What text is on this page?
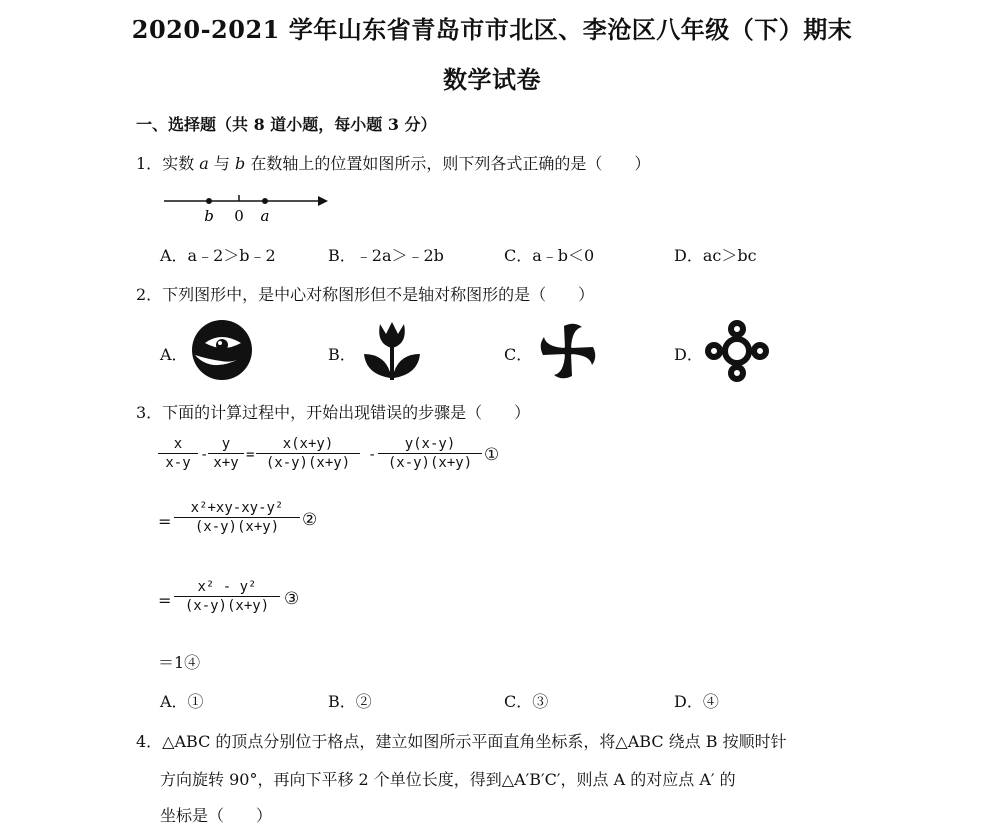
2020-2021 学年山东省青岛市市北区、李沧区八年级（下）期末
数学试卷
一、选择题（共 8 道小题，每小题 3 分）
1．实数 a 与 b 在数轴上的位置如图所示，则下列各式正确的是（　　）
b 0 a
A．a﹣2＞b﹣2	B．﹣2a＞﹣2b	C．a﹣b＜0	D．ac＞bc
2．下列图形中，是中心对称图形但不是轴对称图形的是（　　）
A．	B．	C．	D．
3．下面的计算过程中，开始出现错误的步骤是（　　）
x
x-y -
y
x+y =
x(x+y)
(x-y)(x+y)	-
y(x-y)
(x-y)(x+y) ①
=
x²+xy-xy-y²
(x-y)(x+y)	②
=
x² - y²
(x-y)(x+y) ③
＝1④
A．①	B．②	C．③	D．④
4．△ABC 的顶点分别位于格点，建立如图所示平面直角坐标系，将△ABC 绕点 B 按顺时针
方向旋转 90°，再向下平移 2 个单位长度，得到△A′B′C′，则点 A 的对应点 A′ 的
坐标是（　　）
